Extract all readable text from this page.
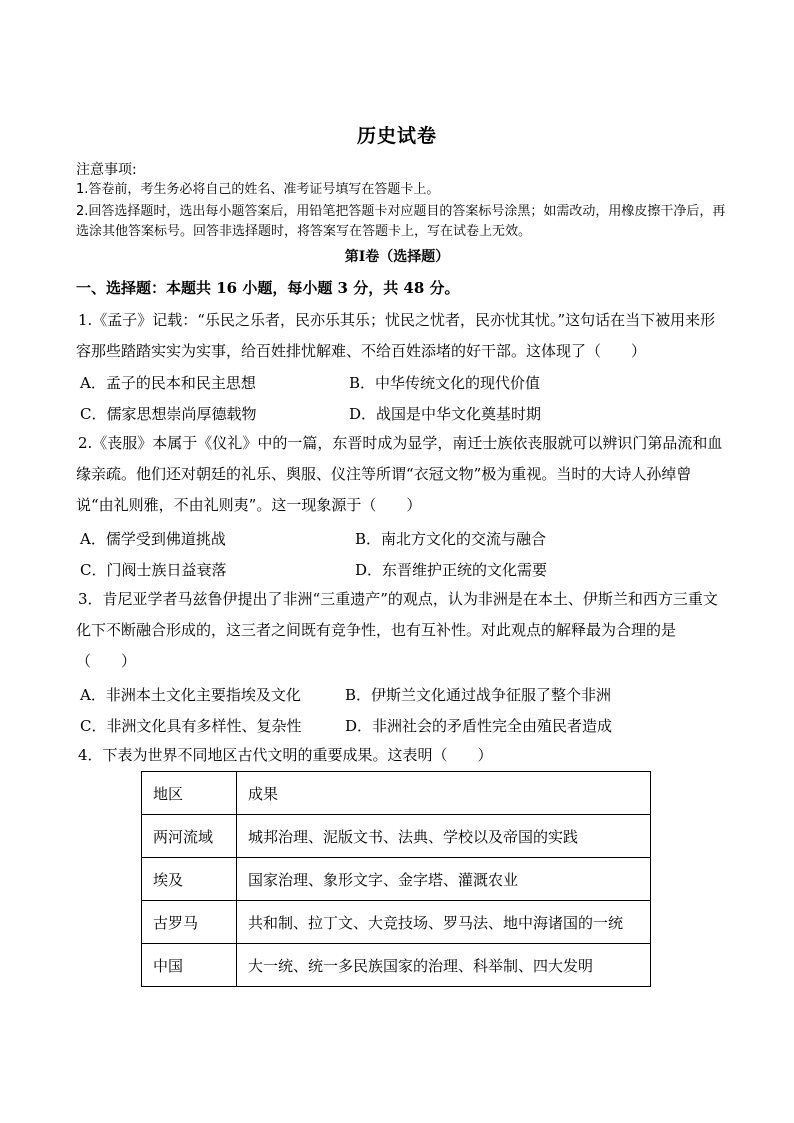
历史试卷
注意事项:
1.答卷前，考生务必将自己的姓名、准考证号填写在答题卡上。
2.回答选择题时，选出每小题答案后，用铅笔把答题卡对应题目的答案标号涂黑；如需改动，用橡皮擦干净后，再选涂其他答案标号。回答非选择题时，将答案写在答题卡上，写在试卷上无效。
第Ⅰ卷（选择题）
一、选择题：本题共 16 小题，每小题 3 分，共 48 分。

1.《孟子》记载：“乐民之乐者，民亦乐其乐；忧民之忧者，民亦忧其忧。”这句话在当下被用来形容那些踏踏实实为实事，给百姓排忧解难、不给百姓添堵的好干部。这体现了（　　）

A．孟子的民本和民主思想	B．中华传统文化的现代价值
C．儒家思想崇尚厚德载物	D．战国是中华文化奠基时期

2.《丧服》本属于《仪礼》中的一篇，东晋时成为显学，南迁士族依丧服就可以辨识门第品流和血缘亲疏。他们还对朝廷的礼乐、舆服、仪注等所谓“衣冠文物”极为重视。当时的大诗人孙绰曾说“由礼则雅，不由礼则夷”。这一现象源于（　　）

A．儒学受到佛道挑战	B．南北方文化的交流与融合
C．门阀士族日益衰落	D．东晋维护正统的文化需要

3．肯尼亚学者马兹鲁伊提出了非洲“三重遗产”的观点，认为非洲是在本土、伊斯兰和西方三重文化下不断融合形成的，这三者之间既有竞争性，也有互补性。对此观点的解释最为合理的是（　　）

A．非洲本土文化主要指埃及文化	B．伊斯兰文化通过战争征服了整个非洲
C．非洲文化具有多样性、复杂性	D．非洲社会的矛盾性完全由殖民者造成

4．下表为世界不同地区古代文明的重要成果。这表明（　　）

地区	成果
两河流域	城邦治理、泥版文书、法典、学校以及帝国的实践
埃及	国家治理、象形文字、金字塔、灌溉农业
古罗马	共和制、拉丁文、大竞技场、罗马法、地中海诸国的一统
中国	大一统、统一多民族国家的治理、科举制、四大发明
